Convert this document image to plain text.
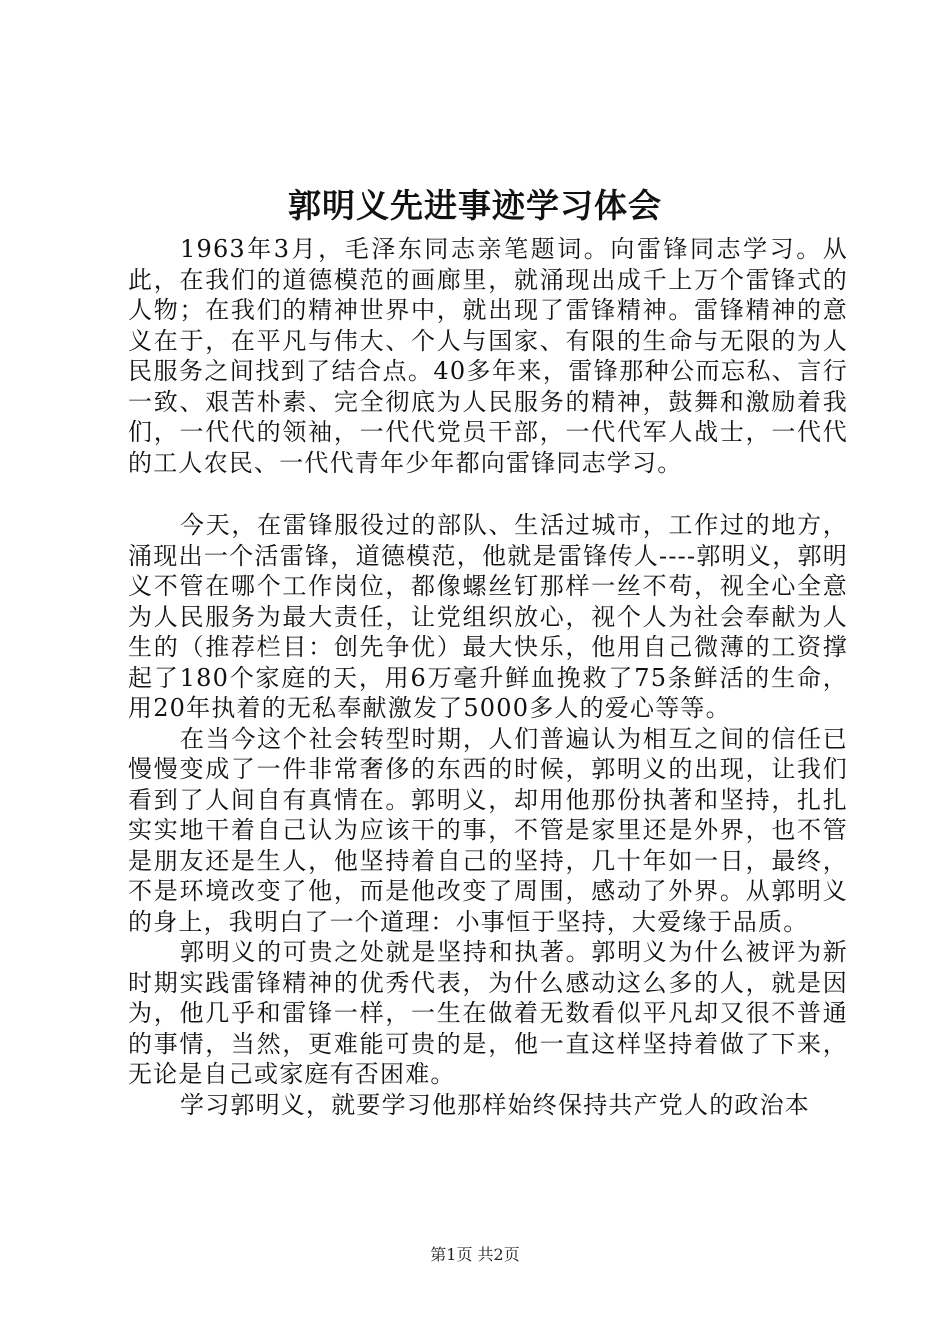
郭明义先进事迹学习体会

1963年3月，毛泽东同志亲笔题词。向雷锋同志学习。从此，在我们的道德模范的画廊里，就涌现出成千上万个雷锋式的人物；在我们的精神世界中，就出现了雷锋精神。雷锋精神的意义在于，在平凡与伟大、个人与国家、有限的生命与无限的为人民服务之间找到了结合点。40多年来，雷锋那种公而忘私、言行一致、艰苦朴素、完全彻底为人民服务的精神，鼓舞和激励着我们，一代代的领袖，一代代党员干部，一代代军人战士，一代代的工人农民、一代代青年少年都向雷锋同志学习。

今天，在雷锋服役过的部队、生活过城市，工作过的地方，涌现出一个活雷锋，道德模范，他就是雷锋传人----郭明义，郭明义不管在哪个工作岗位，都像螺丝钉那样一丝不苟，视全心全意为人民服务为最大责任，让党组织放心，视个人为社会奉献为人生的（推荐栏目：创先争优）最大快乐，他用自己微薄的工资撑起了180个家庭的天，用6万毫升鲜血挽救了75条鲜活的生命，用20年执着的无私奉献激发了5000多人的爱心等等。

在当今这个社会转型时期，人们普遍认为相互之间的信任已慢慢变成了一件非常奢侈的东西的时候，郭明义的出现，让我们看到了人间自有真情在。郭明义，却用他那份执著和坚持，扎扎实实地干着自己认为应该干的事，不管是家里还是外界，也不管是朋友还是生人，他坚持着自己的坚持，几十年如一日，最终，不是环境改变了他，而是他改变了周围，感动了外界。从郭明义的身上，我明白了一个道理：小事恒于坚持，大爱缘于品质。

郭明义的可贵之处就是坚持和执著。郭明义为什么被评为新时期实践雷锋精神的优秀代表，为什么感动这么多的人，就是因为，他几乎和雷锋一样，一生在做着无数看似平凡却又很不普通的事情，当然，更难能可贵的是，他一直这样坚持着做了下来，无论是自己或家庭有否困难。

学习郭明义，就要学习他那样始终保持共产党人的政治本

第1页 共2页
